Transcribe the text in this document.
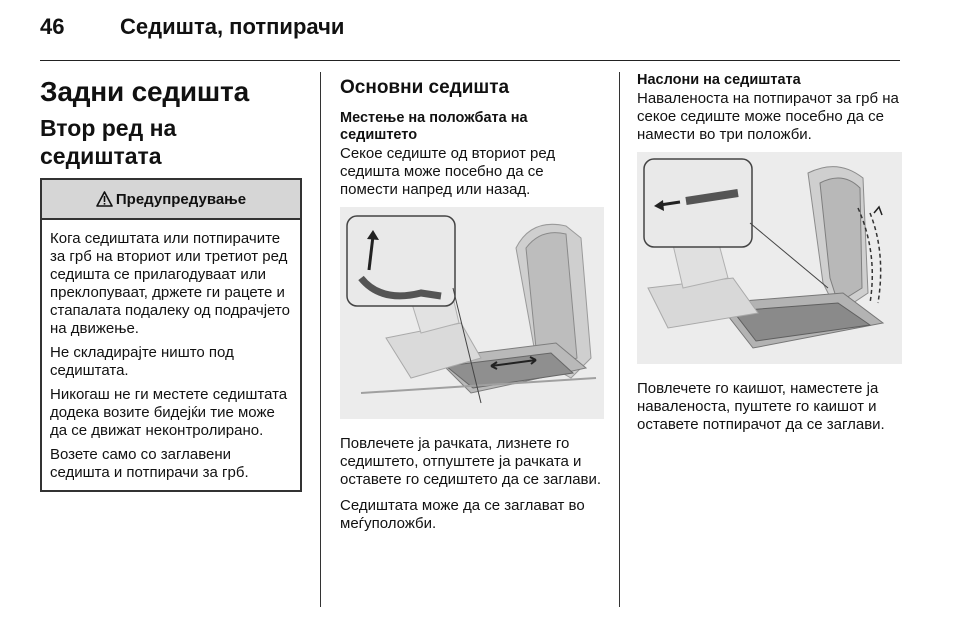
46	Седишта, потпирачи
Задни седишта
Втор ред на седиштата
Предупредување

Кога седиштата или потпирачите за грб на вториот или третиот ред седишта се прилагодуваат или преклопуваат, држете ги рацете и стапалата подалеку од подрачјето на движење.

Не складирајте ништо под седиштата.

Никогаш не ги местете седиштата додека возите бидејќи тие може да се движат неконтролирано.

Возете само со заглавени седишта и потпирачи за грб.

Основни седишта
Местење на положбата на седиштето

Секое седиште од вториот ред седишта може посебно да се помести напред или назад.

Повлечете ја рачката, лизнете го седиштето, отпуштете ја рачката и оставете го седиштето да се заглави.

Седиштата може да се заглават во меѓуположби.

Наслони на седиштата

Наваленоста на потпирачот за грб на секое седиште може посебно да се намести во три положби.

Повлечете го каишот, наместете ја наваленоста, пуштете го каишот и оставете потпирачот да се заглави.
